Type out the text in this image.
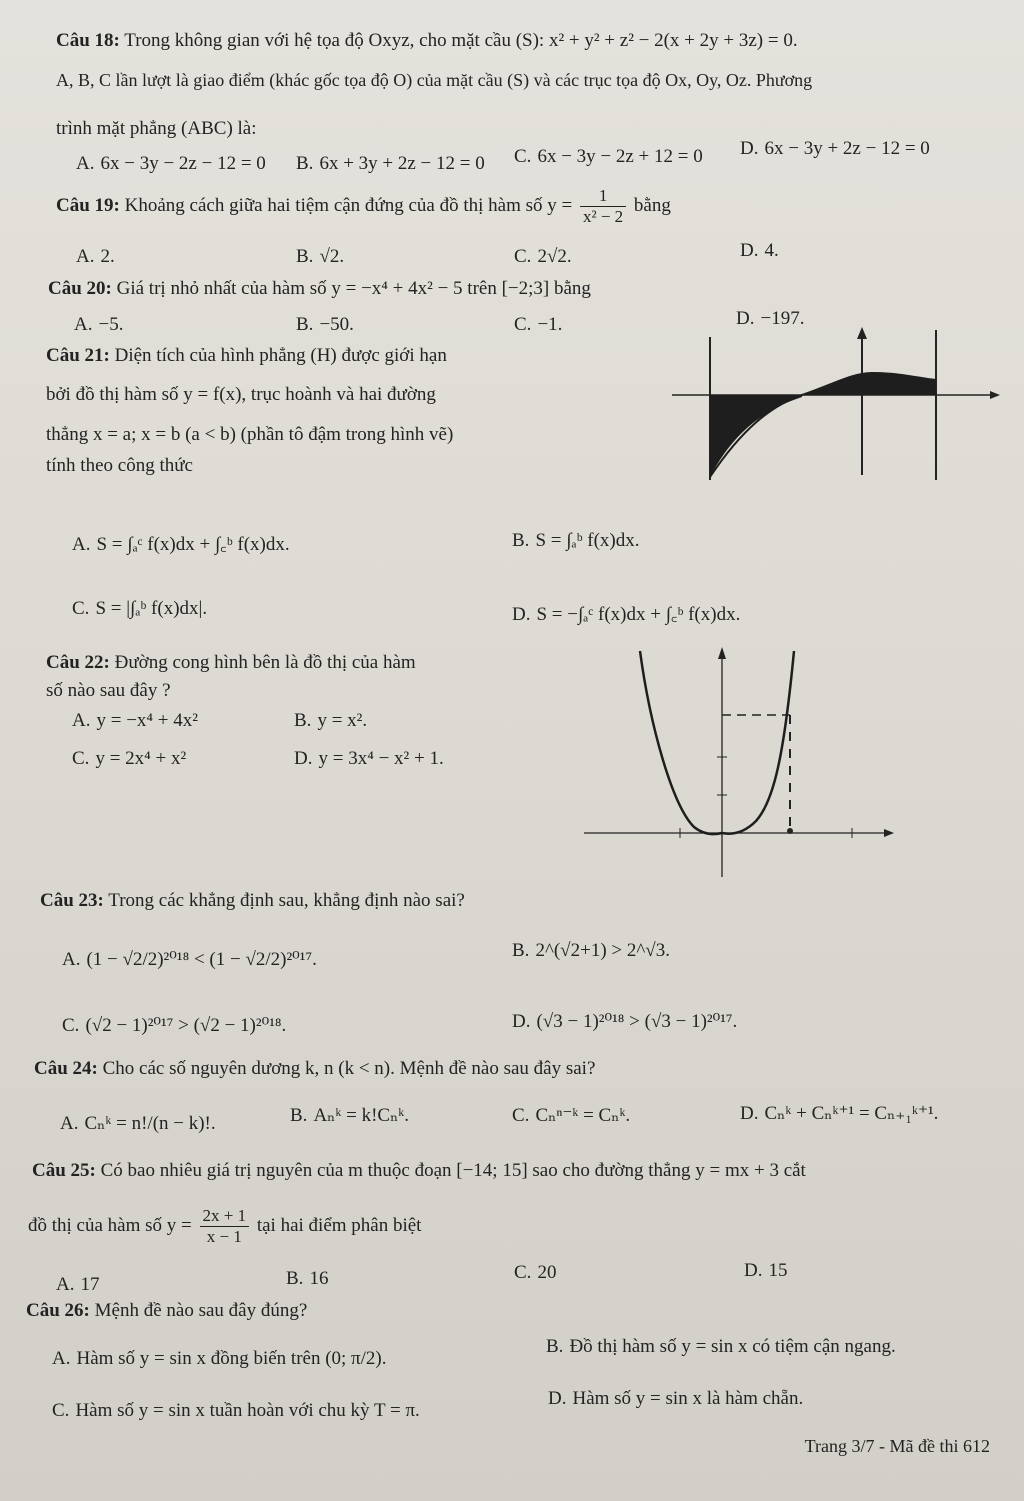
Câu 18: Trong không gian với hệ tọa độ Oxyz, cho mặt cầu (S): x² + y² + z² − 2(x + 2y + 3z) = 0.
A, B, C lần lượt là giao điểm (khác gốc tọa độ O) của mặt cầu (S) và các trục tọa độ Ox, Oy, Oz. Phương
trình mặt phẳng (ABC) là:
A. 6x − 3y − 2z − 12 = 0 B. 6x + 3y + 2z − 12 = 0 C. 6x − 3y − 2z + 12 = 0 D. 6x − 3y + 2z − 12 = 0
Câu 19: Khoảng cách giữa hai tiệm cận đứng của đồ thị hàm số $y = \frac{1}{\text{x² − 2}}$ bằng
A. 2.	B. √2.	C. 2√2.	D. 4.
Câu 20: Giá trị nhỏ nhất của hàm số y = −x⁴ + 4x² − 5 trên [−2;3] bằng
A. −5.	B. −50.	C. −1.	D. −197.
Câu 21: Diện tích của hình phẳng (H) được giới hạn
bởi đồ thị hàm số y = f(x), trục hoành và hai đường
thẳng x = a; x = b (a < b) (phần tô đậm trong hình vẽ)
tính theo công thức
A. S = ∫ₐᶜ f(x)dx + ∫꜀ᵇ f(x)dx.	B. S = ∫ₐᵇ f(x)dx.
C. S = |∫ₐᵇ f(x)dx|.	D. S = −∫ₐᶜ f(x)dx + ∫꜀ᵇ f(x)dx.
Câu 22: Đường cong hình bên là đồ thị của hàm
số nào sau đây ?
A. y = −x⁴ + 4x²	B. y = x².
C. y = 2x⁴ + x²	D. y = 3x⁴ − x² + 1.
Câu 23: Trong các khẳng định sau, khẳng định nào sai?
A. (1 − √2/2)²⁰¹⁸ < (1 − √2/2)²⁰¹⁷.	B. 2^(√2+1) > 2^√3.
C. (√2 − 1)²⁰¹⁷ > (√2 − 1)²⁰¹⁸.	D. (√3 − 1)²⁰¹⁸ > (√3 − 1)²⁰¹⁷.
Câu 24: Cho các số nguyên dương k, n (k < n). Mệnh đề nào sau đây sai?
A. Cₙᵏ = n!/(n − k)!.	B. Aₙᵏ = k!Cₙᵏ.	C. Cₙⁿ⁻ᵏ = Cₙᵏ.	D. Cₙᵏ + Cₙᵏ⁺¹ = Cₙ₊₁ᵏ⁺¹.
Câu 25: Có bao nhiêu giá trị nguyên của m thuộc đoạn [−14; 15] sao cho đường thẳng y = mx + 3 cắt
đồ thị của hàm số $y = \frac{2x + 1}{x - 1}$ tại hai điểm phân biệt
A. 17	B. 16	C. 20	D. 15
Câu 26: Mệnh đề nào sau đây đúng?
A. Hàm số y = sin x đồng biến trên (0; π/2).
B. Đồ thị hàm số y = sin x có tiệm cận ngang.
C. Hàm số y = sin x tuần hoàn với chu kỳ T = π.
D. Hàm số y = sin x là hàm chẵn.
Trang 3/7 - Mã đề thi 612
